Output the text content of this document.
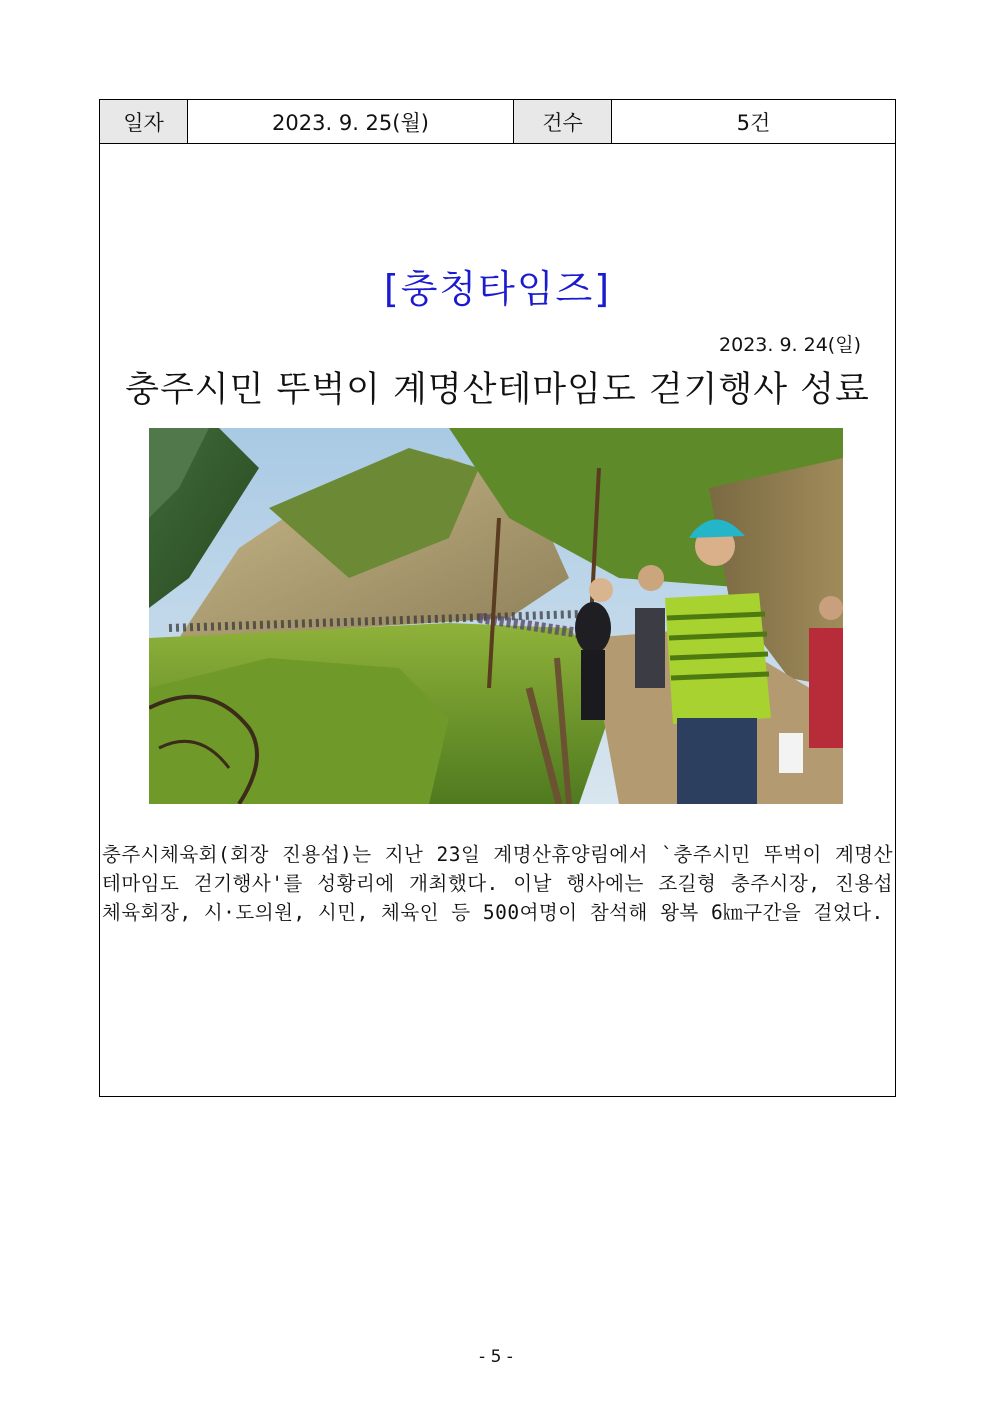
일자	2023. 9. 25(월)	건수	5건
[충청타임즈]
2023. 9. 24(일)
충주시민 뚜벅이 계명산테마임도 걷기행사 성료
충주시체육회(회장 진용섭)는 지난 23일 계명산휴양림에서 `충주시민 뚜벅이 계명산테마임도 걷기행사'를 성황리에 개최했다. 이날 행사에는 조길형 충주시장, 진용섭 체육회장, 시·도의원, 시민, 체육인 등 500여명이 참석해 왕복 6㎞구간을 걸었다.
- 5 -
